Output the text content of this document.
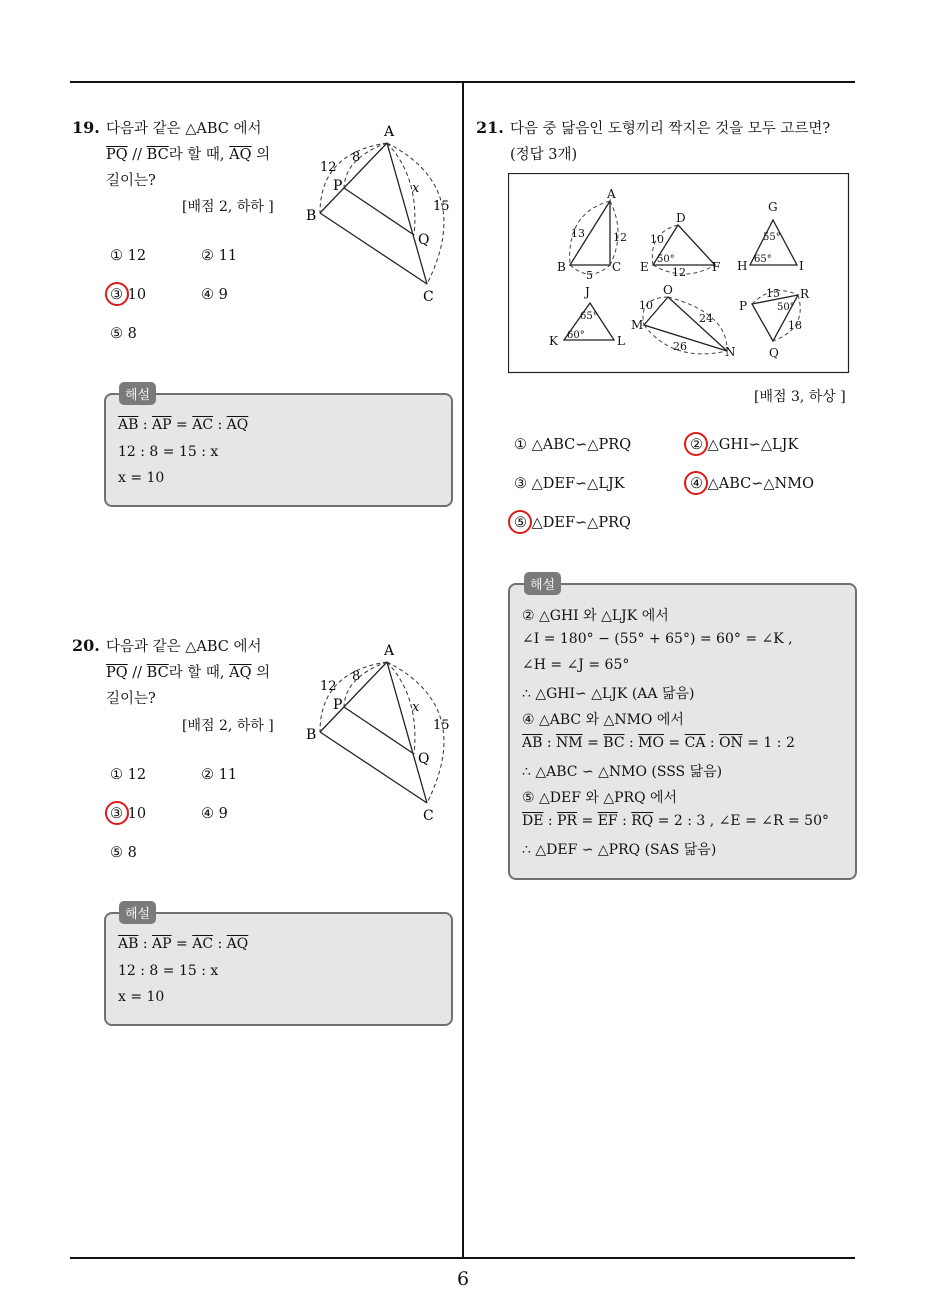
6
19. 다음과 같은 △ABC 에서
$\overline{PQ} // \overline{BC}$라 할 때, $\overline{AQ}$ 의
길이는?
[배점 2, 하하 ]
A
B
C
P
Q
12
8
x
15
① 12	② 11
③ 10	④ 9
⑤ 8
해설
$\overline{AB}$ : $\overline{AP} = \overline{AC}$ : $\overline{AQ}$
12 : 8 = 15 : x
x = 10
20. 다음과 같은 △ABC 에서
$\overline{PQ} // \overline{BC}$라 할 때, $\overline{AQ}$ 의
길이는?
[배점 2, 하하 ]
A
B
C
P
Q
12
8
x
15
① 12	② 11
③ 10	④ 9
⑤ 8
해설
$\overline{AB}$ : $\overline{AP} = \overline{AC}$ : $\overline{AQ}$
12 : 8 = 15 : x
x = 10
21. 다음 중 닮음인 도형끼리 짝지은 것을 모두 고르면?
(정답 3개)
A
B	C
13	12
5
D
E	F
10
50°
12
G
H	I
55°
65°
J
K	L
65°
60°
O
M
N
10
24
26
P
Q
R
15
50°
18
[배점 3, 하상 ]
① △ABC∽△PRQ	② △GHI∽△LJK
③ △DEF∽△LJK	④ △ABC∽△NMO
⑤ △DEF∽△PRQ
해설
② △GHI 와 △LJK 에서
∠I = 180° − (55° + 65°) = 60° = ∠K ,
∠H = ∠J = 65°
∴ △GHI∽ △LJK (AA 닮음)
④ △ABC 와 △NMO 에서
$\overline{AB}$ : $\overline{NM} = \overline{BC}$ : $\overline{MO} = \overline{CA}$ : $\overline{ON} = 1$ : 2
∴ △ABC ∽ △NMO (SSS 닮음)
⑤ △DEF 와 △PRQ 에서
$\overline{DE}$ : $\overline{PR} = \overline{EF}$ : $\overline{RQ} = 2$ : 3 , ∠E = ∠R = 50°
∴ △DEF ∽ △PRQ (SAS 닮음)
